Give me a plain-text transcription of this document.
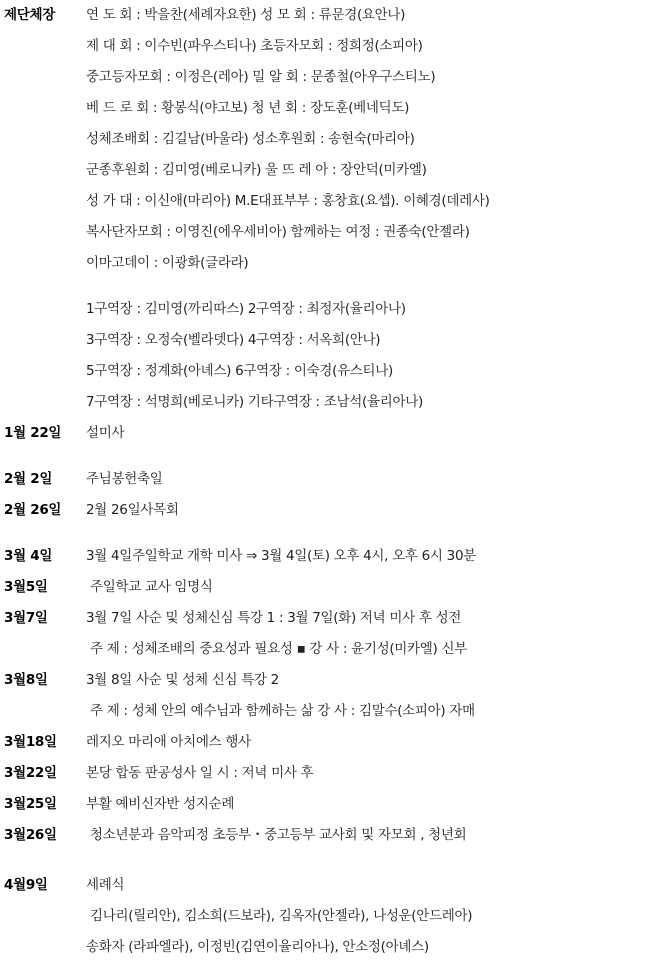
제단체장 연 도 회 : 박을찬(세례자요한) 성 모 회 : 류문경(요안나)
제 대 회 : 이수빈(파우스티나) 초등자모회 : 정희정(소피아)
중고등자모회 : 이정은(레아) 밀 알 회 : 문종철(아우구스티노)
베 드 로 회 : 황봉식(야고보) 청 년 회 : 장도훈(베네딕도)
성체조배회 : 김길남(바울라) 성소후원회 : 송현숙(마리아)
군종후원회 : 김미영(베로니카) 울 뜨 레 아 : 장안덕(미카엘)
성 가 대 : 이신애(마리아) M.E대표부부 : 홍창효(요셉). 이혜경(데레사)
복사단자모회 : 이영진(에우세비아) 함께하는 여정 : 권종숙(안젤라)
이마고데이 : 이광화(글라라)
1구역장 : 김미영(까리따스) 2구역장 : 최정자(율리아나)
3구역장 : 오정숙(벨라뎃다) 4구역장 : 서옥희(안나)
5구역장 : 정계화(아녜스) 6구역장 : 이숙경(유스티나)
7구역장 : 석명희(베로니카) 기타구역장 : 조남석(율리아나)
1월 22일 설미사
2월 2일	주님봉헌축일
2월 26일 2월 26일사목회
3월 4일	3월 4일주일학교 개학 미사 ⇒ 3월 4일(토) 오후 4시, 오후 6시 30분
3월5일	주일학교 교사 임명식
3월7일	3월 7일 사순 및 성체신심 특강 1 : 3월 7일(화) 저녁 미사 후 성전
주 제 : 성체조배의 중요성과 필요성 ▪ 강 사 : 윤기성(미카엘) 신부
3월8일	3월 8일 사순 및 성체 신심 특강 2
주 제 : 성체 안의 예수님과 함께하는 삶 강 사 : 김말수(소피아) 자매
3월18일 레지오 마리애 아치에스 행사
3월22일 본당 합동 판공성사 일 시 : 저녁 미사 후
3월25일 부활 예비신자반 성지순례
3월26일 청소년분과 음악피정 초등부・중고등부 교사회 및 자모회 , 청년회
4월9일	세례식
김나리(릴리안), 김소희(드보라), 김옥자(안젤라), 나성운(안드레아)
송화자 (라파엘라), 이정빈(김연이율리아나), 안소정(아녜스)
